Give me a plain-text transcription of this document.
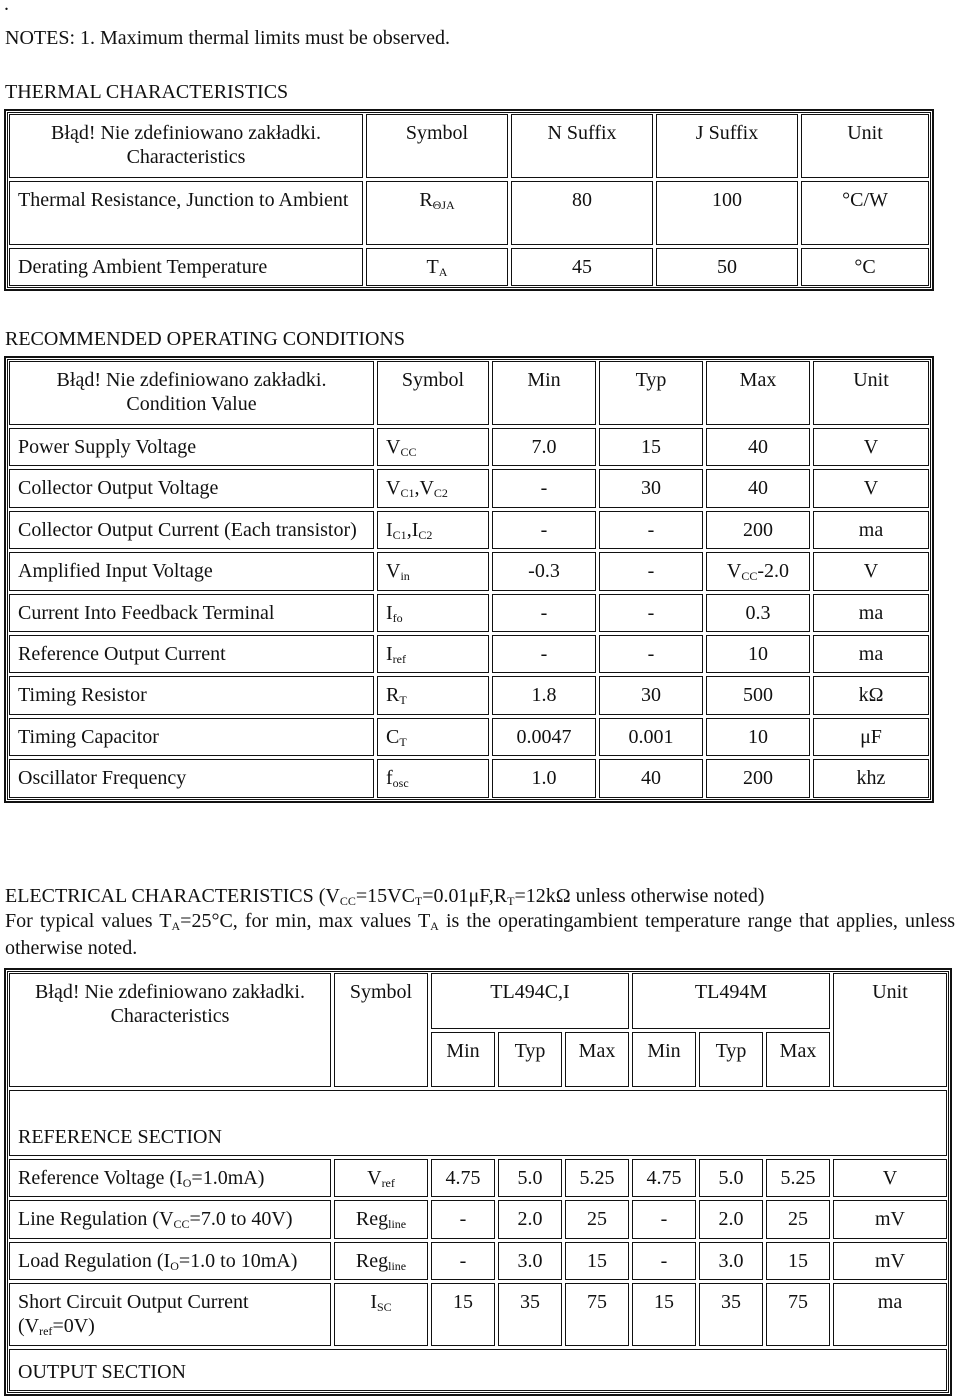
.
NOTES: 1. Maximum thermal limits must be observed.
THERMAL CHARACTERISTICS
Błąd! Nie zdefiniowano zakładki.
Characteristics	Symbol	N Suffix	J Suffix	Unit
Thermal Resistance, Junction to Ambient	$R_{\Theta JA}$	80	100	°C/W
Derating Ambient Temperature	$T_A$	45	50	°C
RECOMMENDED OPERATING CONDITIONS
Błąd! Nie zdefiniowano zakładki.
Condition Value	Symbol	Min	Typ	Max	Unit
Power Supply Voltage	$V_{CC}$	7.0	15	40	V
Collector Output Voltage	$V_{C1},V_{C2}$	-	30	40	V
Collector Output Current (Each transistor)	$I_{C1},I_{C2}$	-	-	200	ma
Amplified Input Voltage	$V_{in}$	-0.3	-	$V_{CC}-2.0$	V
Current Into Feedback Terminal	$I_{fo}$	-	-	0.3	ma
Reference Output Current	$I_{ref}$	-	-	10	ma
Timing Resistor	$R_T$	1.8	30	500	kΩ
Timing Capacitor	$C_T$	0.0047	0.001	10	μF
Oscillator Frequency	$f_{osc}$	1.0	40	200	khz

ELECTRICAL CHARACTERISTICS ($V_{CC}=15VC_T=0.01\mu F,R_T=12k\Omega$ unless otherwise noted)

For typical values $T_A=25^\circ C$, for min, max values $T_A$ is the operatingambient temperature range that applies, unless otherwise noted.

Błąd! Nie zdefiniowano zakładki.
Characteristics	Symbol	TL494C,I			TL494M			Unit
		Min	Typ	Max	Min	Typ	Max	
REFERENCE SECTION								
Reference Voltage $(I_O=1.0mA)$	$V_{ref}$	4.75	5.0	5.25	4.75	5.0	5.25	V
Line Regulation ($V_{CC}=7.0$ to 40V)	Reg$_{line}$	-	2.0	25	-	2.0	25	mV
Load Regulation ($I_O=1.0$ to 10mA)	Reg$_{line}$	-	3.0	15	-	3.0	15	mV
Short Circuit Output Current $(V_{ref}=0V)$	$I_{SC}$	15	35	75	15	35	75	ma
OUTPUT SECTION								
